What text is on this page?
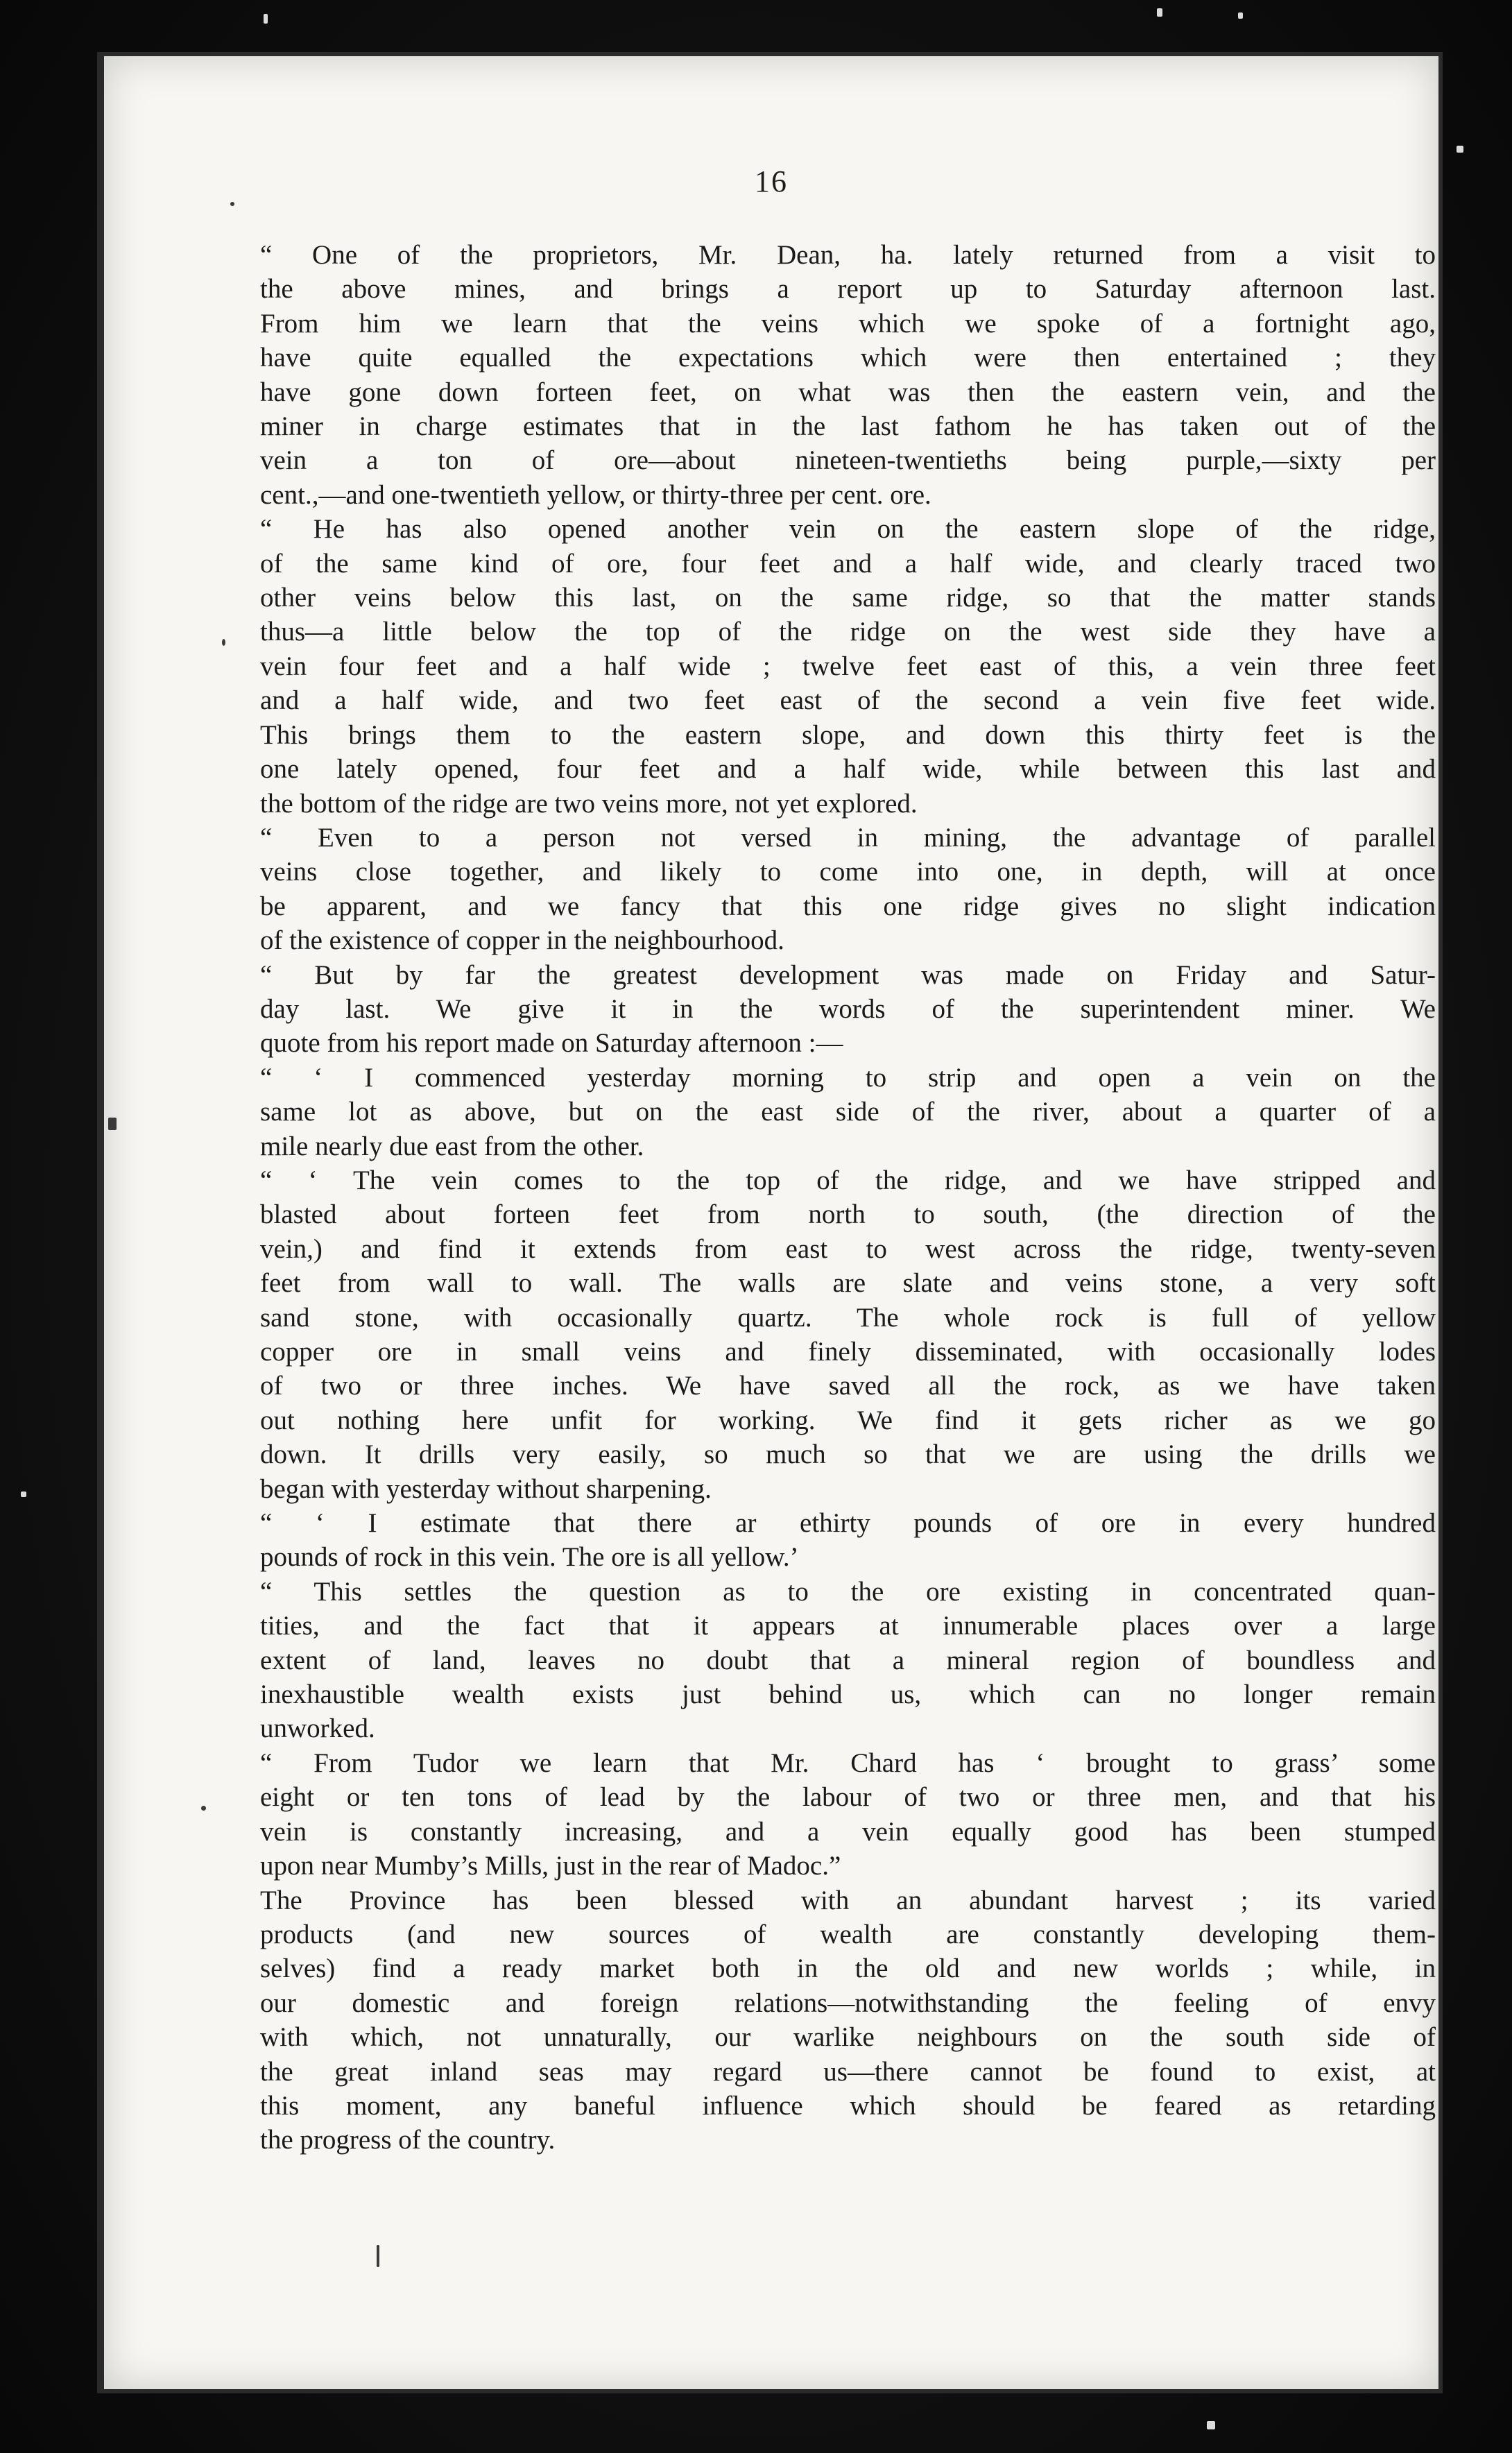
16
“ One of the proprietors, Mr. Dean, ha. lately returned from a visit to
the above mines, and brings a report up to Saturday afternoon last.
From him we learn that the veins which we spoke of a fortnight ago,
have quite equalled the expectations which were then entertained ; they
have gone down forteen feet, on what was then the eastern vein, and the
miner in charge estimates that in the last fathom he has taken out of the
vein a ton of ore—about nineteen-twentieths being purple,—sixty per
cent.,—and one-twentieth yellow, or thirty-three per cent. ore.
“ He has also opened another vein on the eastern slope of the ridge,
of the same kind of ore, four feet and a half wide, and clearly traced two
other veins below this last, on the same ridge, so that the matter stands
thus—a little below the top of the ridge on the west side they have a
vein four feet and a half wide ; twelve feet east of this, a vein three feet
and a half wide, and two feet east of the second a vein five feet wide.
This brings them to the eastern slope, and down this thirty feet is the
one lately opened, four feet and a half wide, while between this last and
the bottom of the ridge are two veins more, not yet explored.
“ Even to a person not versed in mining, the advantage of parallel
veins close together, and likely to come into one, in depth, will at once
be apparent, and we fancy that this one ridge gives no slight indication
of the existence of copper in the neighbourhood.
“ But by far the greatest development was made on Friday and Satur-
day last. We give it in the words of the superintendent miner. We
quote from his report made on Saturday afternoon :—
“ ‘ I commenced yesterday morning to strip and open a vein on the
same lot as above, but on the east side of the river, about a quarter of a
mile nearly due east from the other.
“ ‘ The vein comes to the top of the ridge, and we have stripped and
blasted about forteen feet from north to south, (the direction of the
vein,) and find it extends from east to west across the ridge, twenty-seven
feet from wall to wall. The walls are slate and veins stone, a very soft
sand stone, with occasionally quartz. The whole rock is full of yellow
copper ore in small veins and finely disseminated, with occasionally lodes
of two or three inches. We have saved all the rock, as we have taken
out nothing here unfit for working. We find it gets richer as we go
down. It drills very easily, so much so that we are using the drills we
began with yesterday without sharpening.
“ ‘ I estimate that there ar ethirty pounds of ore in every hundred
pounds of rock in this vein. The ore is all yellow.’
“ This settles the question as to the ore existing in concentrated quan-
tities, and the fact that it appears at innumerable places over a large
extent of land, leaves no doubt that a mineral region of boundless and
inexhaustible wealth exists just behind us, which can no longer remain
unworked.
“ From Tudor we learn that Mr. Chard has ‘ brought to grass’ some
eight or ten tons of lead by the labour of two or three men, and that his
vein is constantly increasing, and a vein equally good has been stumped
upon near Mumby’s Mills, just in the rear of Madoc.”
The Province has been blessed with an abundant harvest ; its varied
products (and new sources of wealth are constantly developing them-
selves) find a ready market both in the old and new worlds ; while, in
our domestic and foreign relations—notwithstanding the feeling of envy
with which, not unnaturally, our warlike neighbours on the south side of
the great inland seas may regard us—there cannot be found to exist, at
this moment, any baneful influence which should be feared as retarding
the progress of the country.
